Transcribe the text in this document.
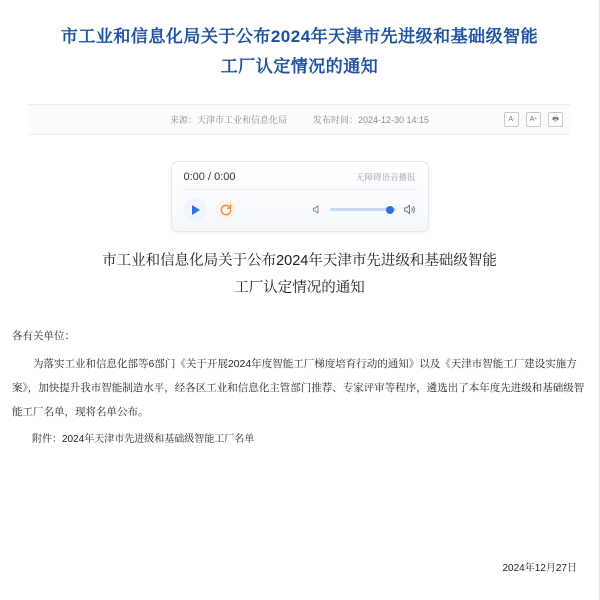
市工业和信息化局关于公布2024年天津市先进级和基础级智能工厂认定情况的通知
来源：天津市工业和信息化局	发布时间：2024-12-30 14:15	A - A + 🖶
0:00 / 0:00	无障碍语音播报
市工业和信息化局关于公布2024年天津市先进级和基础级智能工厂认定情况的通知

各有关单位：

为落实工业和信息化部等6部门《关于开展2024年度智能工厂梯度培育行动的通知》以及《天津市智能工厂建设实施方案》，加快提升我市智能制造水平，经各区工业和信息化主管部门推荐、专家评审等程序，遴选出了本年度先进级和基础级智能工厂名单，现将名单公布。

附件：2024年天津市先进级和基础级智能工厂名单

2024年12月27日
